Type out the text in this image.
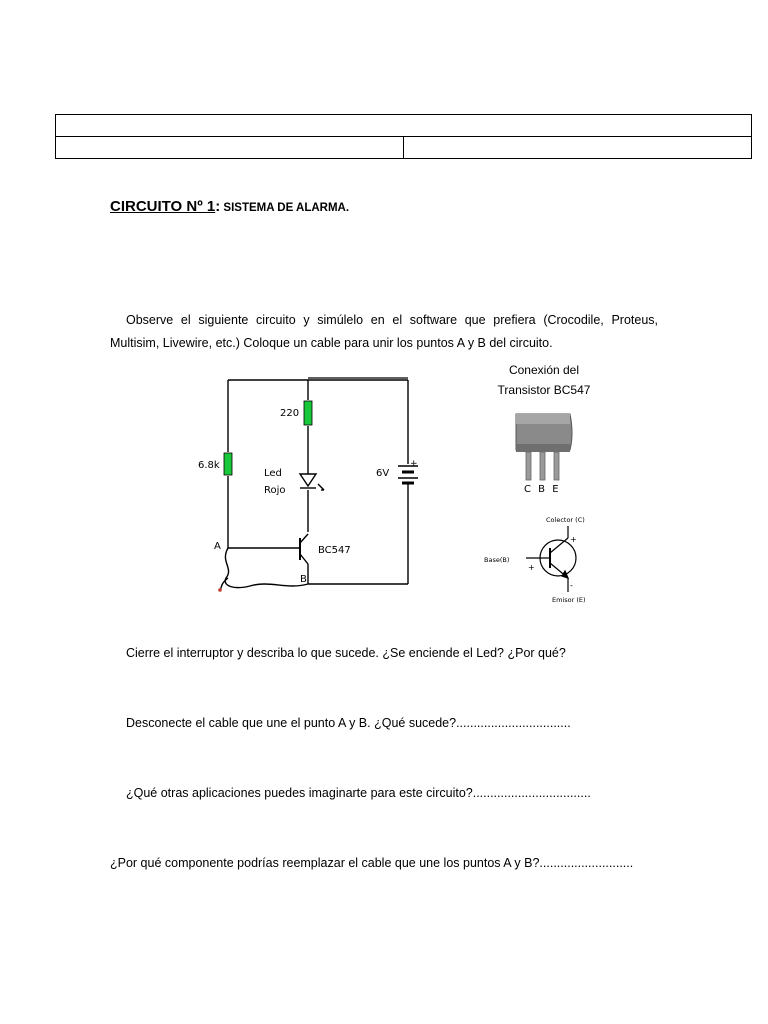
CIRCUITO Nº 1: SISTEMA DE ALARMA.
Observe el siguiente circuito y simúlelo en el software que prefiera (Crocodile, Proteus,
Multisim, Livewire, etc.) Coloque un cable para unir los puntos A y B del circuito.
220
6.8k
Led
Rojo
6V
+
A
B
BC547
Conexión del
Transistor BC547
C B E
Colector (C)
Base(B)
Emisor (E)
+
+
-
Cierre el interruptor y describa lo que sucede. ¿Se enciende el Led? ¿Por qué?
Desconecte el cable que une el punto A y B. ¿Qué sucede?.................................
¿Qué otras aplicaciones puedes imaginarte para este circuito?..................................
¿Por qué componente podrías reemplazar el cable que une los puntos A y B?...........................
